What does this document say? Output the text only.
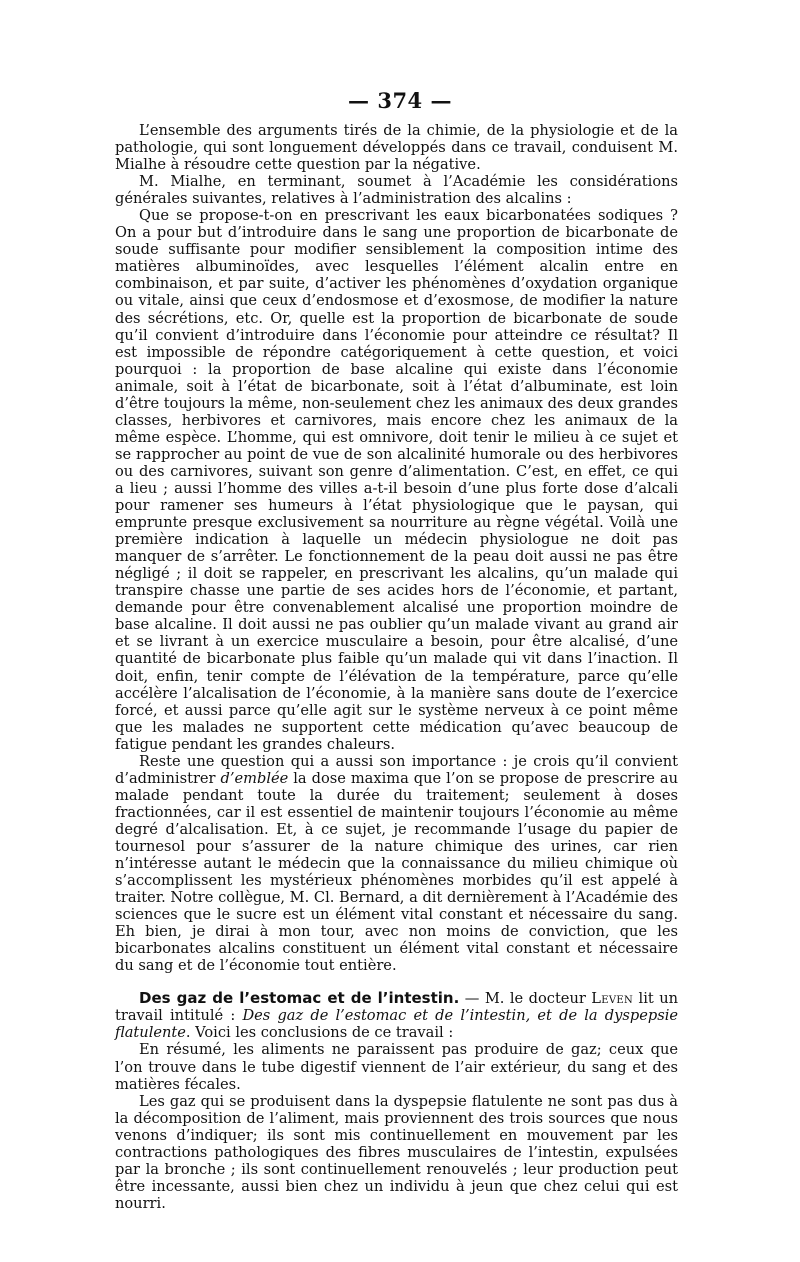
— 374 —

L’ensemble des arguments tirés de la chimie, de la physiologie et de la pathologie, qui sont longuement développés dans ce travail, conduisent M. Mialhe à résoudre cette question par la négative.

M. Mialhe, en terminant, soumet à l’Académie les considérations générales suivantes, relatives à l’administration des alcalins :

Que se propose-t-on en prescrivant les eaux bicarbonatées sodiques ? On a pour but d’introduire dans le sang une proportion de bicarbonate de soude suffisante pour modifier sensiblement la composition intime des matières albuminoïdes, avec lesquelles l’élément alcalin entre en combinaison, et par suite, d’activer les phénomènes d’oxydation organique ou vitale, ainsi que ceux d’endosmose et d’exosmose, de modifier la nature des sécrétions, etc. Or, quelle est la proportion de bicarbonate de soude qu’il convient d’introduire dans l’économie pour atteindre ce résultat? Il est impossible de répondre catégoriquement à cette question, et voici pourquoi : la proportion de base alcaline qui existe dans l’économie animale, soit à l’état de bicarbonate, soit à l’état d’albuminate, est loin d’être toujours la même, non-seulement chez les animaux des deux grandes classes, herbivores et carnivores, mais encore chez les animaux de la même espèce. L’homme, qui est omnivore, doit tenir le milieu à ce sujet et se rapprocher au point de vue de son alcalinité humorale ou des herbivores ou des carnivores, suivant son genre d’alimentation. C’est, en effet, ce qui a lieu ; aussi l’homme des villes a-t-il besoin d’une plus forte dose d’alcali pour ramener ses humeurs à l’état physiologique que le paysan, qui emprunte presque exclusivement sa nourriture au règne végétal. Voilà une première indication à laquelle un médecin physiologue ne doit pas manquer de s’arrêter. Le fonctionnement de la peau doit aussi ne pas être négligé ; il doit se rappeler, en prescrivant les alcalins, qu’un malade qui transpire chasse une partie de ses acides hors de l’économie, et partant, demande pour être convenablement alcalisé une proportion moindre de base alcaline. Il doit aussi ne pas oublier qu’un malade vivant au grand air et se livrant à un exercice musculaire a besoin, pour être alcalisé, d’une quantité de bicarbonate plus faible qu’un malade qui vit dans l’inaction. Il doit, enfin, tenir compte de l’élévation de la température, parce qu’elle accélère l’alcalisation de l’économie, à la manière sans doute de l’exercice forcé, et aussi parce qu’elle agit sur le système nerveux à ce point même que les malades ne supportent cette médication qu’avec beaucoup de fatigue pendant les grandes chaleurs.

Reste une question qui a aussi son importance : je crois qu’il convient d’administrer d’emblée la dose maxima que l’on se propose de prescrire au malade pendant toute la durée du traitement; seulement à doses fractionnées, car il est essentiel de maintenir toujours l’économie au même degré d’alcalisation. Et, à ce sujet, je recommande l’usage du papier de tournesol pour s’assurer de la nature chimique des urines, car rien n’intéresse autant le médecin que la connaissance du milieu chimique où s’accomplissent les mystérieux phénomènes morbides qu’il est appelé à traiter. Notre collègue, M. Cl. Bernard, a dit dernièrement à l’Académie des sciences que le sucre est un élément vital constant et nécessaire du sang. Eh bien, je dirai à mon tour, avec non moins de conviction, que les bicarbonates alcalins constituent un élément vital constant et nécessaire du sang et de l’économie tout entière.

Des gaz de l’estomac et de l’intestin. — M. le docteur Leven lit un travail intitulé : Des gaz de l’estomac et de l’intestin, et de la dyspepsie flatulente. Voici les conclusions de ce travail :

En résumé, les aliments ne paraissent pas produire de gaz; ceux que l’on trouve dans le tube digestif viennent de l’air extérieur, du sang et des matières fécales.

Les gaz qui se produisent dans la dyspepsie flatulente ne sont pas dus à la décomposition de l’aliment, mais proviennent des trois sources que nous venons d’indiquer; ils sont mis continuellement en mouvement par les contractions pathologiques des fibres musculaires de l’intestin, expulsées par la bronche ; ils sont continuellement renouvelés ; leur production peut être incessante, aussi bien chez un individu à jeun que chez celui qui est nourri.
